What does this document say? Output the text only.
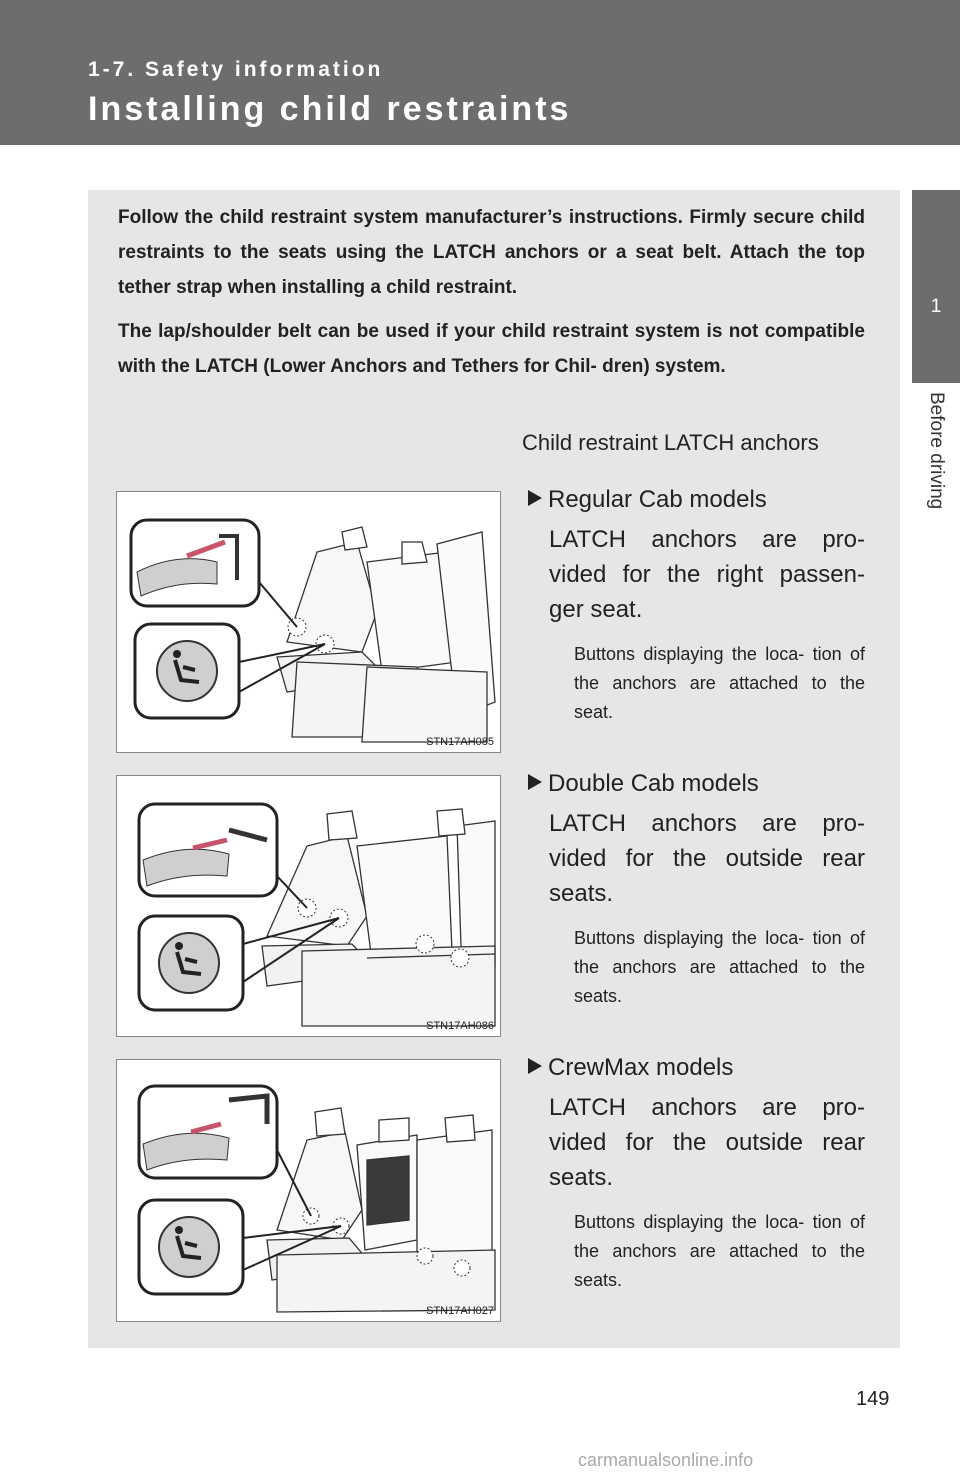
1-7. Safety information
Installing child restraints
1
Before driving
Follow the child restraint system manufacturer’s instructions. Firmly secure child restraints to the seats using the LATCH anchors or a seat belt. Attach the top tether strap when installing a child restraint.
The lap/shoulder belt can be used if your child restraint system is not compatible with the LATCH (Lower Anchors and Tethers for Chil- dren) system.
Child restraint LATCH anchors
STN17AH085
Regular Cab models
LATCH anchors are pro- vided for the right passen- ger seat.
Buttons displaying the loca- tion of the anchors are attached to the seat.
STN17AH086
Double Cab models
LATCH anchors are pro- vided for the outside rear seats.
Buttons displaying the loca- tion of the anchors are attached to the seats.
STN17AH027
CrewMax models
LATCH anchors are pro- vided for the outside rear seats.
Buttons displaying the loca- tion of the anchors are attached to the seats.
149
carmanualsonline.info
